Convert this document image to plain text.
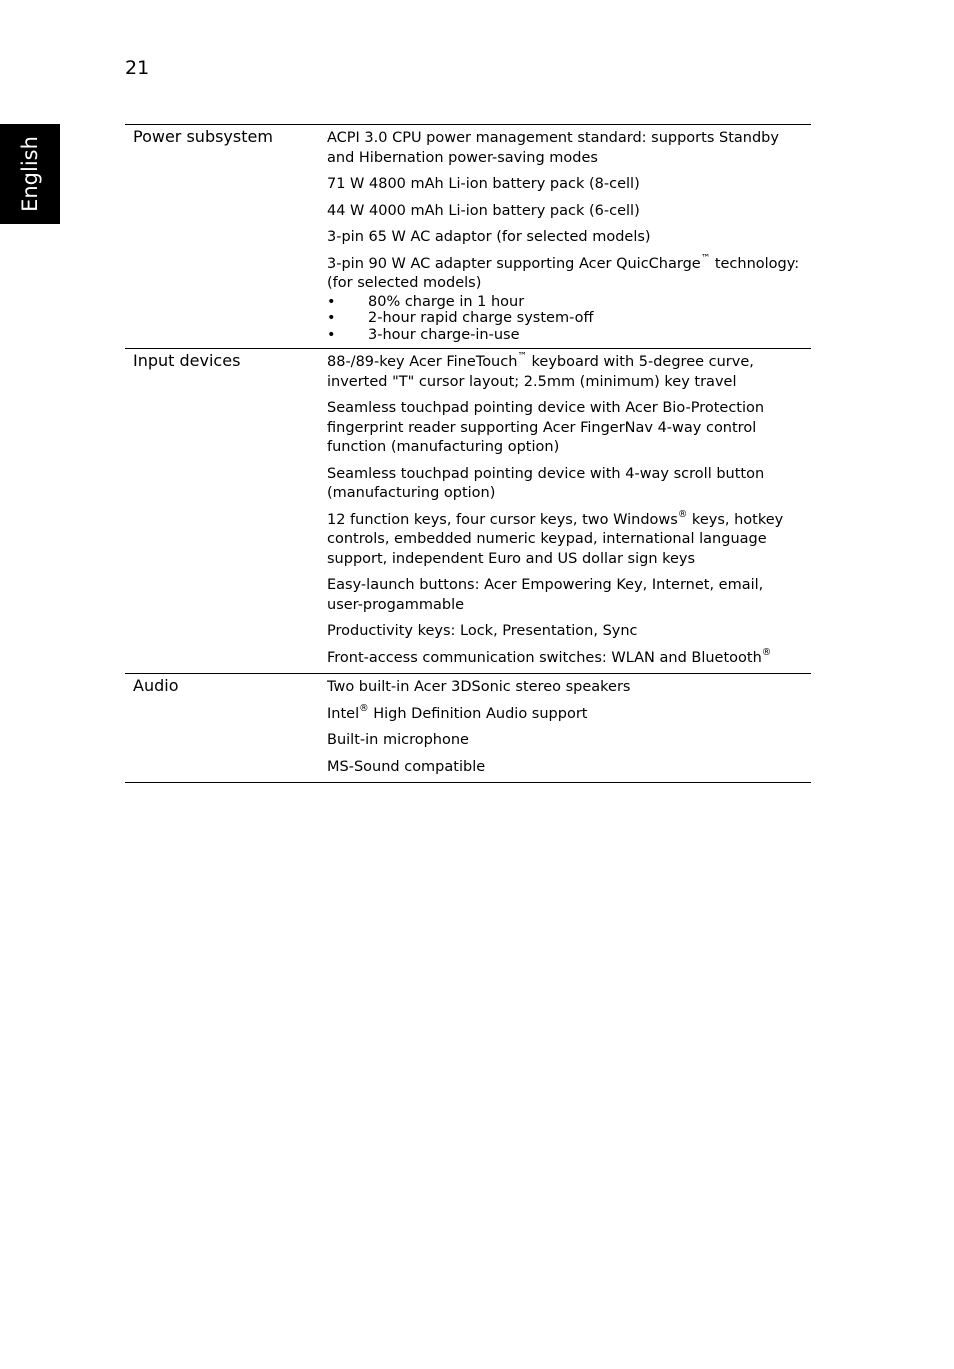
21
English	Power subsystem	ACPI 3.0 CPU power management standard: supports Standby and Hibernation power-saving modes

71 W 4800 mAh Li-ion battery pack (8-cell)

44 W 4000 mAh Li-ion battery pack (6-cell)

3-pin 65 W AC adaptor (for selected models)

3-pin 90 W AC adapter supporting Acer QuicCharge™ technology: (for selected models)
• 80% charge in 1 hour
• 2-hour rapid charge system-off
• 3-hour charge-in-use
Input devices	88-/89-key Acer FineTouch™ keyboard with 5-degree curve, inverted "T" cursor layout; 2.5mm (minimum) key travel

Seamless touchpad pointing device with Acer Bio-Protection fingerprint reader supporting Acer FingerNav 4-way control function (manufacturing option)

Seamless touchpad pointing device with 4-way scroll button (manufacturing option)

12 function keys, four cursor keys, two Windows® keys, hotkey controls, embedded numeric keypad, international language support, independent Euro and US dollar sign keys

Easy-launch buttons: Acer Empowering Key, Internet, email, user-progammable

Productivity keys: Lock, Presentation, Sync

Front-access communication switches: WLAN and Bluetooth®

Audio	Two built-in Acer 3DSonic stereo speakers

Intel® High Definition Audio support

Built-in microphone

MS-Sound compatible
